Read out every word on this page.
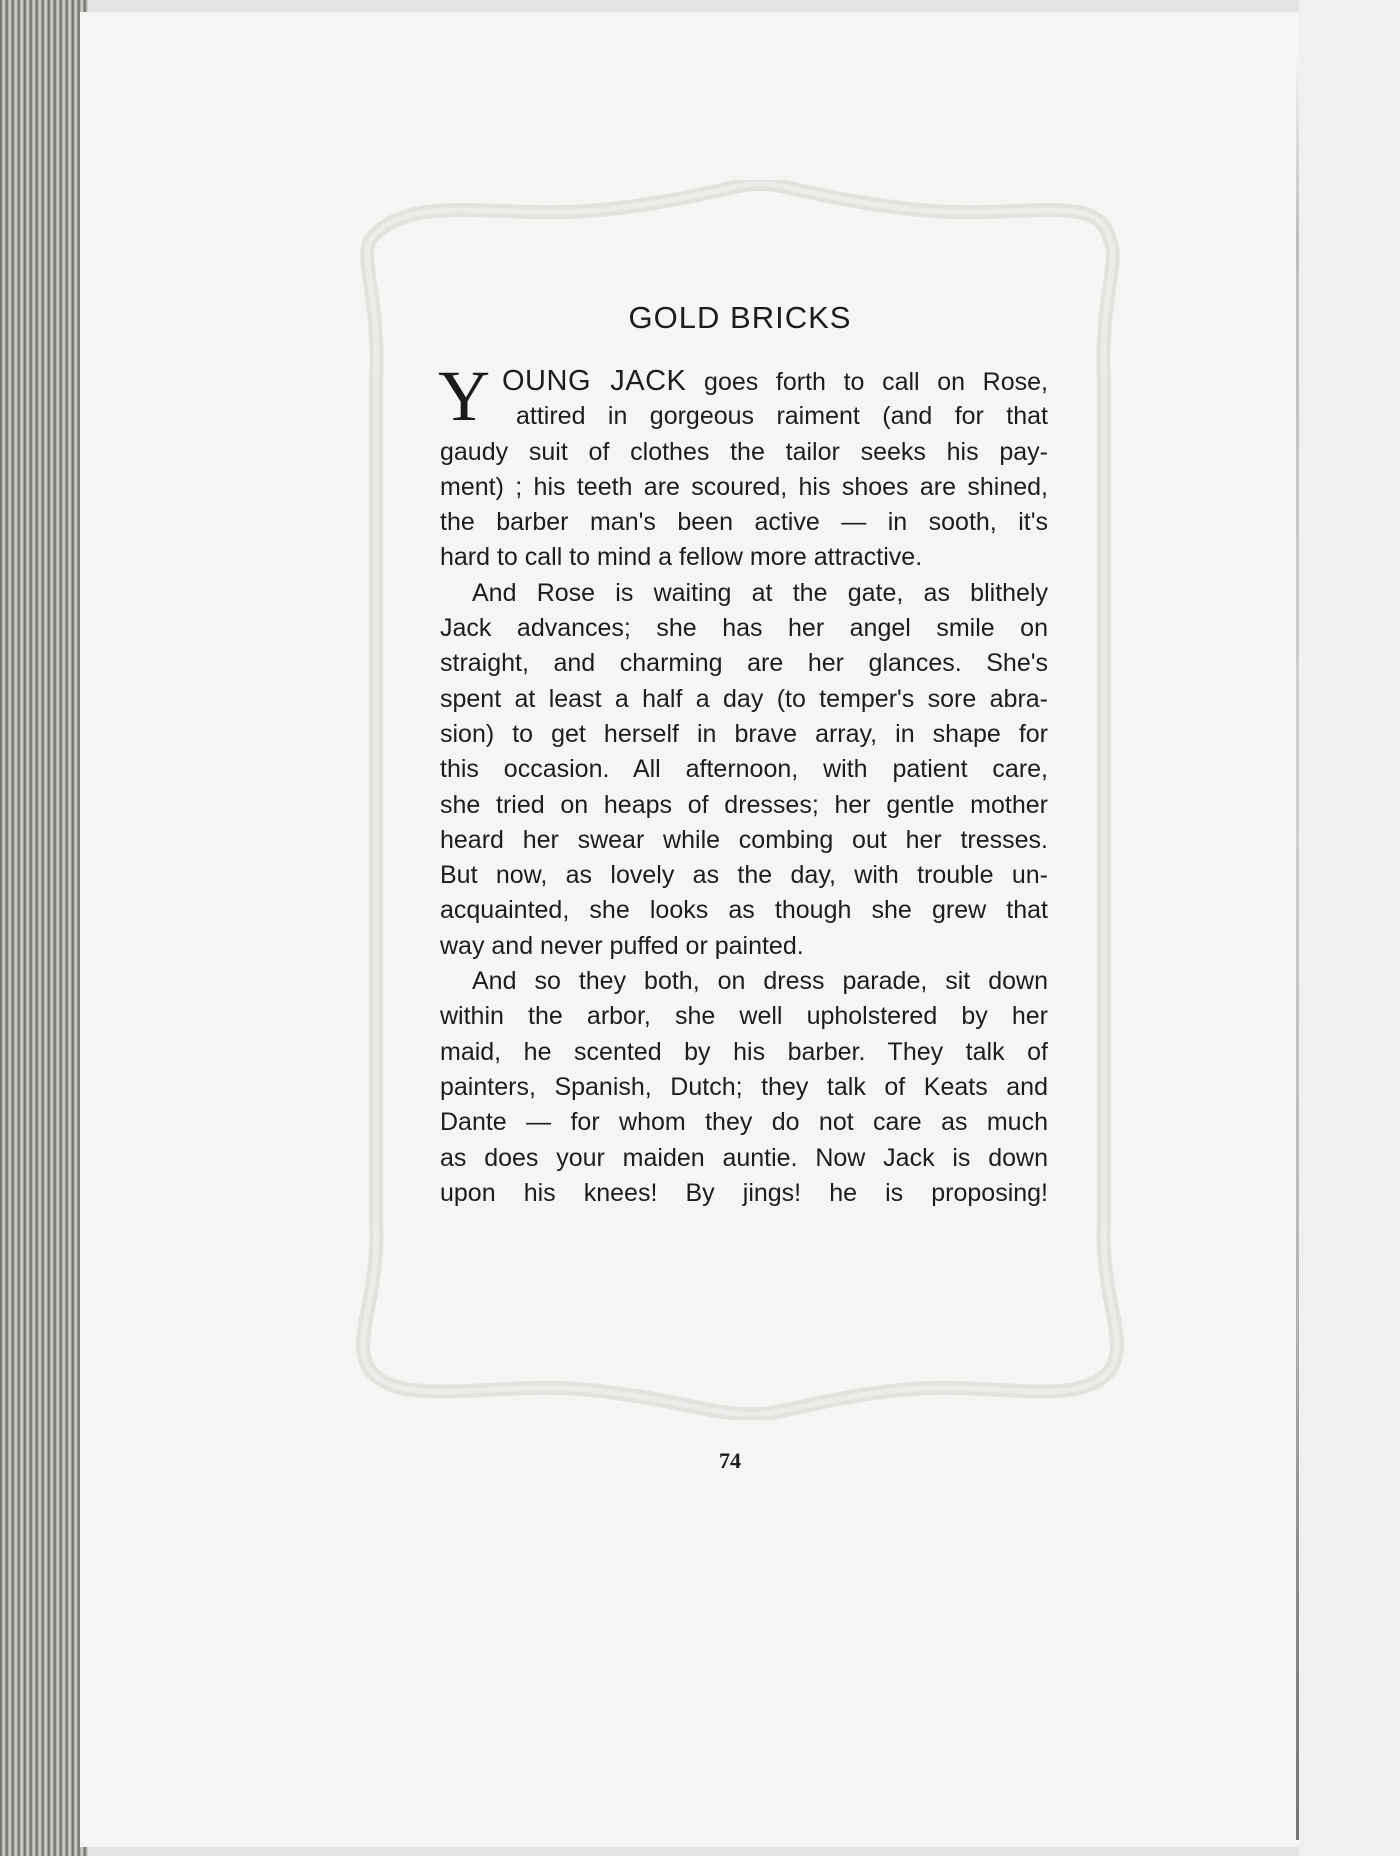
GOLD BRICKS
Y OUNG JACK goes forth to call on Rose,
attired in gorgeous raiment (and for that
gaudy suit of clothes the tailor seeks his pay-
ment) ; his teeth are scoured, his shoes are shined,
the barber man's been active — in sooth, it's
hard to call to mind a fellow more attractive.
And Rose is waiting at the gate, as blithely
Jack advances; she has her angel smile on
straight, and charming are her glances. She's
spent at least a half a day (to temper's sore abra-
sion) to get herself in brave array, in shape for
this occasion. All afternoon, with patient care,
she tried on heaps of dresses; her gentle mother
heard her swear while combing out her tresses.
But now, as lovely as the day, with trouble un-
acquainted, she looks as though she grew that
way and never puffed or painted.
And so they both, on dress parade, sit down
within the arbor, she well upholstered by her
maid, he scented by his barber. They talk of
painters, Spanish, Dutch; they talk of Keats and
Dante — for whom they do not care as much
as does your maiden auntie. Now Jack is down
upon his knees! By jings! he is proposing!
74
